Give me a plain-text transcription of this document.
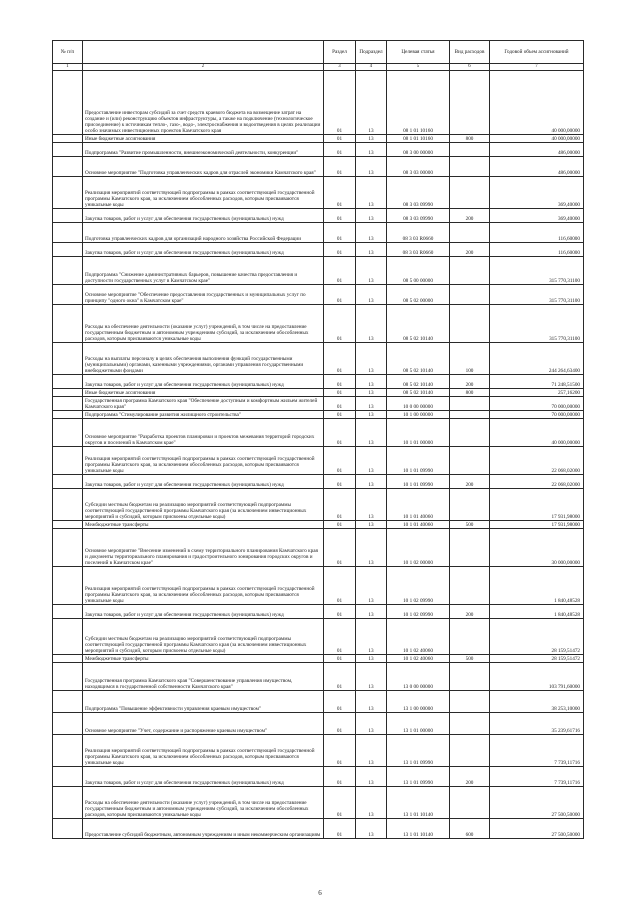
№ п/п		Раздел	Подраздел	Целевая статья	Вид расходов	Годовой объем ассигнований
1	2	3	4	5	6	7
	Предоставление инвесторам субсидий за счет средств краевого бюджета на возмещение затрат на создание и (или) реконструкцию объектов инфраструктуры, а также на подключение (технологическое присоединение) к источникам тепло-, газо-, водо-, электроснабжения и водоотведения в целях реализации особо значимых инвестиционных проектов Камчатского края	01	13	08 1 01 10160		40 000,00000
	Иные бюджетные ассигнования	01	13	08 1 01 10160	800	40 000,00000
	Подпрограмма "Развитие промышленности, внешнеэкономической деятельности, конкуренции"	01	13	08 3 00 00000		486,00000
	Основное мероприятие "Подготовка управленческих кадров для отраслей экономики Камчатского края"	01	13	08 3 03 00000		486,00000
	Реализация мероприятий соответствующей подпрограммы в рамках соответствующей государственной программы Камчатского края, за исключением обособленных расходов, которым присваиваются уникальные коды	01	13	08 3 03 09990		369,40000
	Закупка товаров, работ и услуг для обеспечения государственных (муниципальных) нужд	01	13	08 3 03 09990	200	369,40000
	Подготовка управленческих кадров для организаций народного хозяйства Российской Федерации	01	13	08 3 03 R0660		116,60000
	Закупка товаров, работ и услуг для обеспечения государственных (муниципальных) нужд	01	13	08 3 03 R0660	200	116,60000
	Подпрограмма "Снижение административных барьеров, повышение качества предоставления и доступности государственных услуг в Камчатском крае"	01	13	08 5 00 00000		315 770,31100
	Основное мероприятие "Обеспечение предоставления государственных и муниципальных услуг по принципу "одного окна" в Камчатском крае"	01	13	08 5 02 00000		315 770,31100
	Расходы на обеспечение деятельности (оказание услуг) учреждений, в том числе на предоставление государственным бюджетным и автономным учреждениям субсидий, за исключением обособленных расходов, которым присваиваются уникальные коды	01	13	08 5 02 10140		315 770,31100
	Расходы на выплаты персоналу в целях обеспечения выполнения функций государственными (муниципальными) органами, казенными учреждениями, органами управления государственными внебюджетными фондами	01	13	08 5 02 10140	100	244 264,63400
	Закупка товаров, работ и услуг для обеспечения государственных (муниципальных) нужд	01	13	08 5 02 10140	200	71 248,51500
	Иные бюджетные ассигнования	01	13	08 5 02 10140	800	257,16200
	Государственная программа Камчатского края "Обеспечение доступным и комфортным жильем жителей Камчатского края"	01	13	10 0 00 00000		70 000,00000
	Подпрограмма "Стимулирование развития жилищного строительства"	01	13	10 1 00 00000		70 000,00000
	Основное мероприятие "Разработка проектов планировки и проектов межевания территорий городских округов и поселений в Камчатском крае"	01	13	10 1 01 00000		40 000,00000
	Реализация мероприятий соответствующей подпрограммы в рамках соответствующей государственной программы Камчатского края, за исключением обособленных расходов, которым присваиваются уникальные коды	01	13	10 1 01 09990		22 068,02000
	Закупка товаров, работ и услуг для обеспечения государственных (муниципальных) нужд	01	13	10 1 01 09990	200	22 068,02000
	Субсидии местным бюджетам на реализацию мероприятий соответствующей подпрограммы соответствующей государственной программы Камчатского края (за исключением инвестиционных мероприятий и субсидий, которым присвоены отдельные коды)	01	13	10 1 01 40060		17 931,98000
	Межбюджетные трансферты	01	13	10 1 01 40060	500	17 931,98000
	Основное мероприятие "Внесение изменений в схему территориального планирования Камчатского края и документы территориального планирования и градостроительного зонирования городских округов и поселений в Камчатском крае"	01	13	10 1 02 00000		30 000,00000
	Реализация мероприятий соответствующей подпрограммы в рамках соответствующей государственной программы Камчатского края, за исключением обособленных расходов, которым присваиваются уникальные коды	01	13	10 1 02 09990		1 840,48528
	Закупка товаров, работ и услуг для обеспечения государственных (муниципальных) нужд	01	13	10 1 02 09990	200	1 840,48528
	Субсидии местным бюджетам на реализацию мероприятий соответствующей подпрограммы соответствующей государственной программы Камчатского края (за исключением инвестиционных мероприятий и субсидий, которым присвоены отдельные коды)	01	13	10 1 02 40060		28 159,51472
	Межбюджетные трансферты	01	13	10 1 02 40060	500	28 159,51472
	Государственная программа Камчатского края "Совершенствование управления имуществом, находящимся в государственной собственности Камчатского края"	01	13	13 0 00 00000		103 791,60000
	Подпрограмма "Повышение эффективности управления краевым имуществом"	01	13	13 1 00 00000		38 253,10000
	Основное мероприятие "Учет, содержание и распоряжение краевым имуществом"	01	13	13 1 01 00000		35 239,61716
	Реализация мероприятий соответствующей подпрограммы в рамках соответствующей государственной программы Камчатского края, за исключением обособленных расходов, которым присваиваются уникальные коды	01	13	13 1 01 09990		7 739,11716
	Закупка товаров, работ и услуг для обеспечения государственных (муниципальных) нужд	01	13	13 1 01 09990	200	7 739,11716
	Расходы на обеспечение деятельности (оказание услуг) учреждений, в том числе на предоставление государственным бюджетным и автономным учреждениям субсидий, за исключением обособленных расходов, которым присваиваются уникальные коды	01	13	13 1 01 10140		27 500,50000
	Предоставление субсидий бюджетным, автономным учреждениям и иным некоммерческим организациям	01	13	13 1 01 10140	600	27 500,50000
6
